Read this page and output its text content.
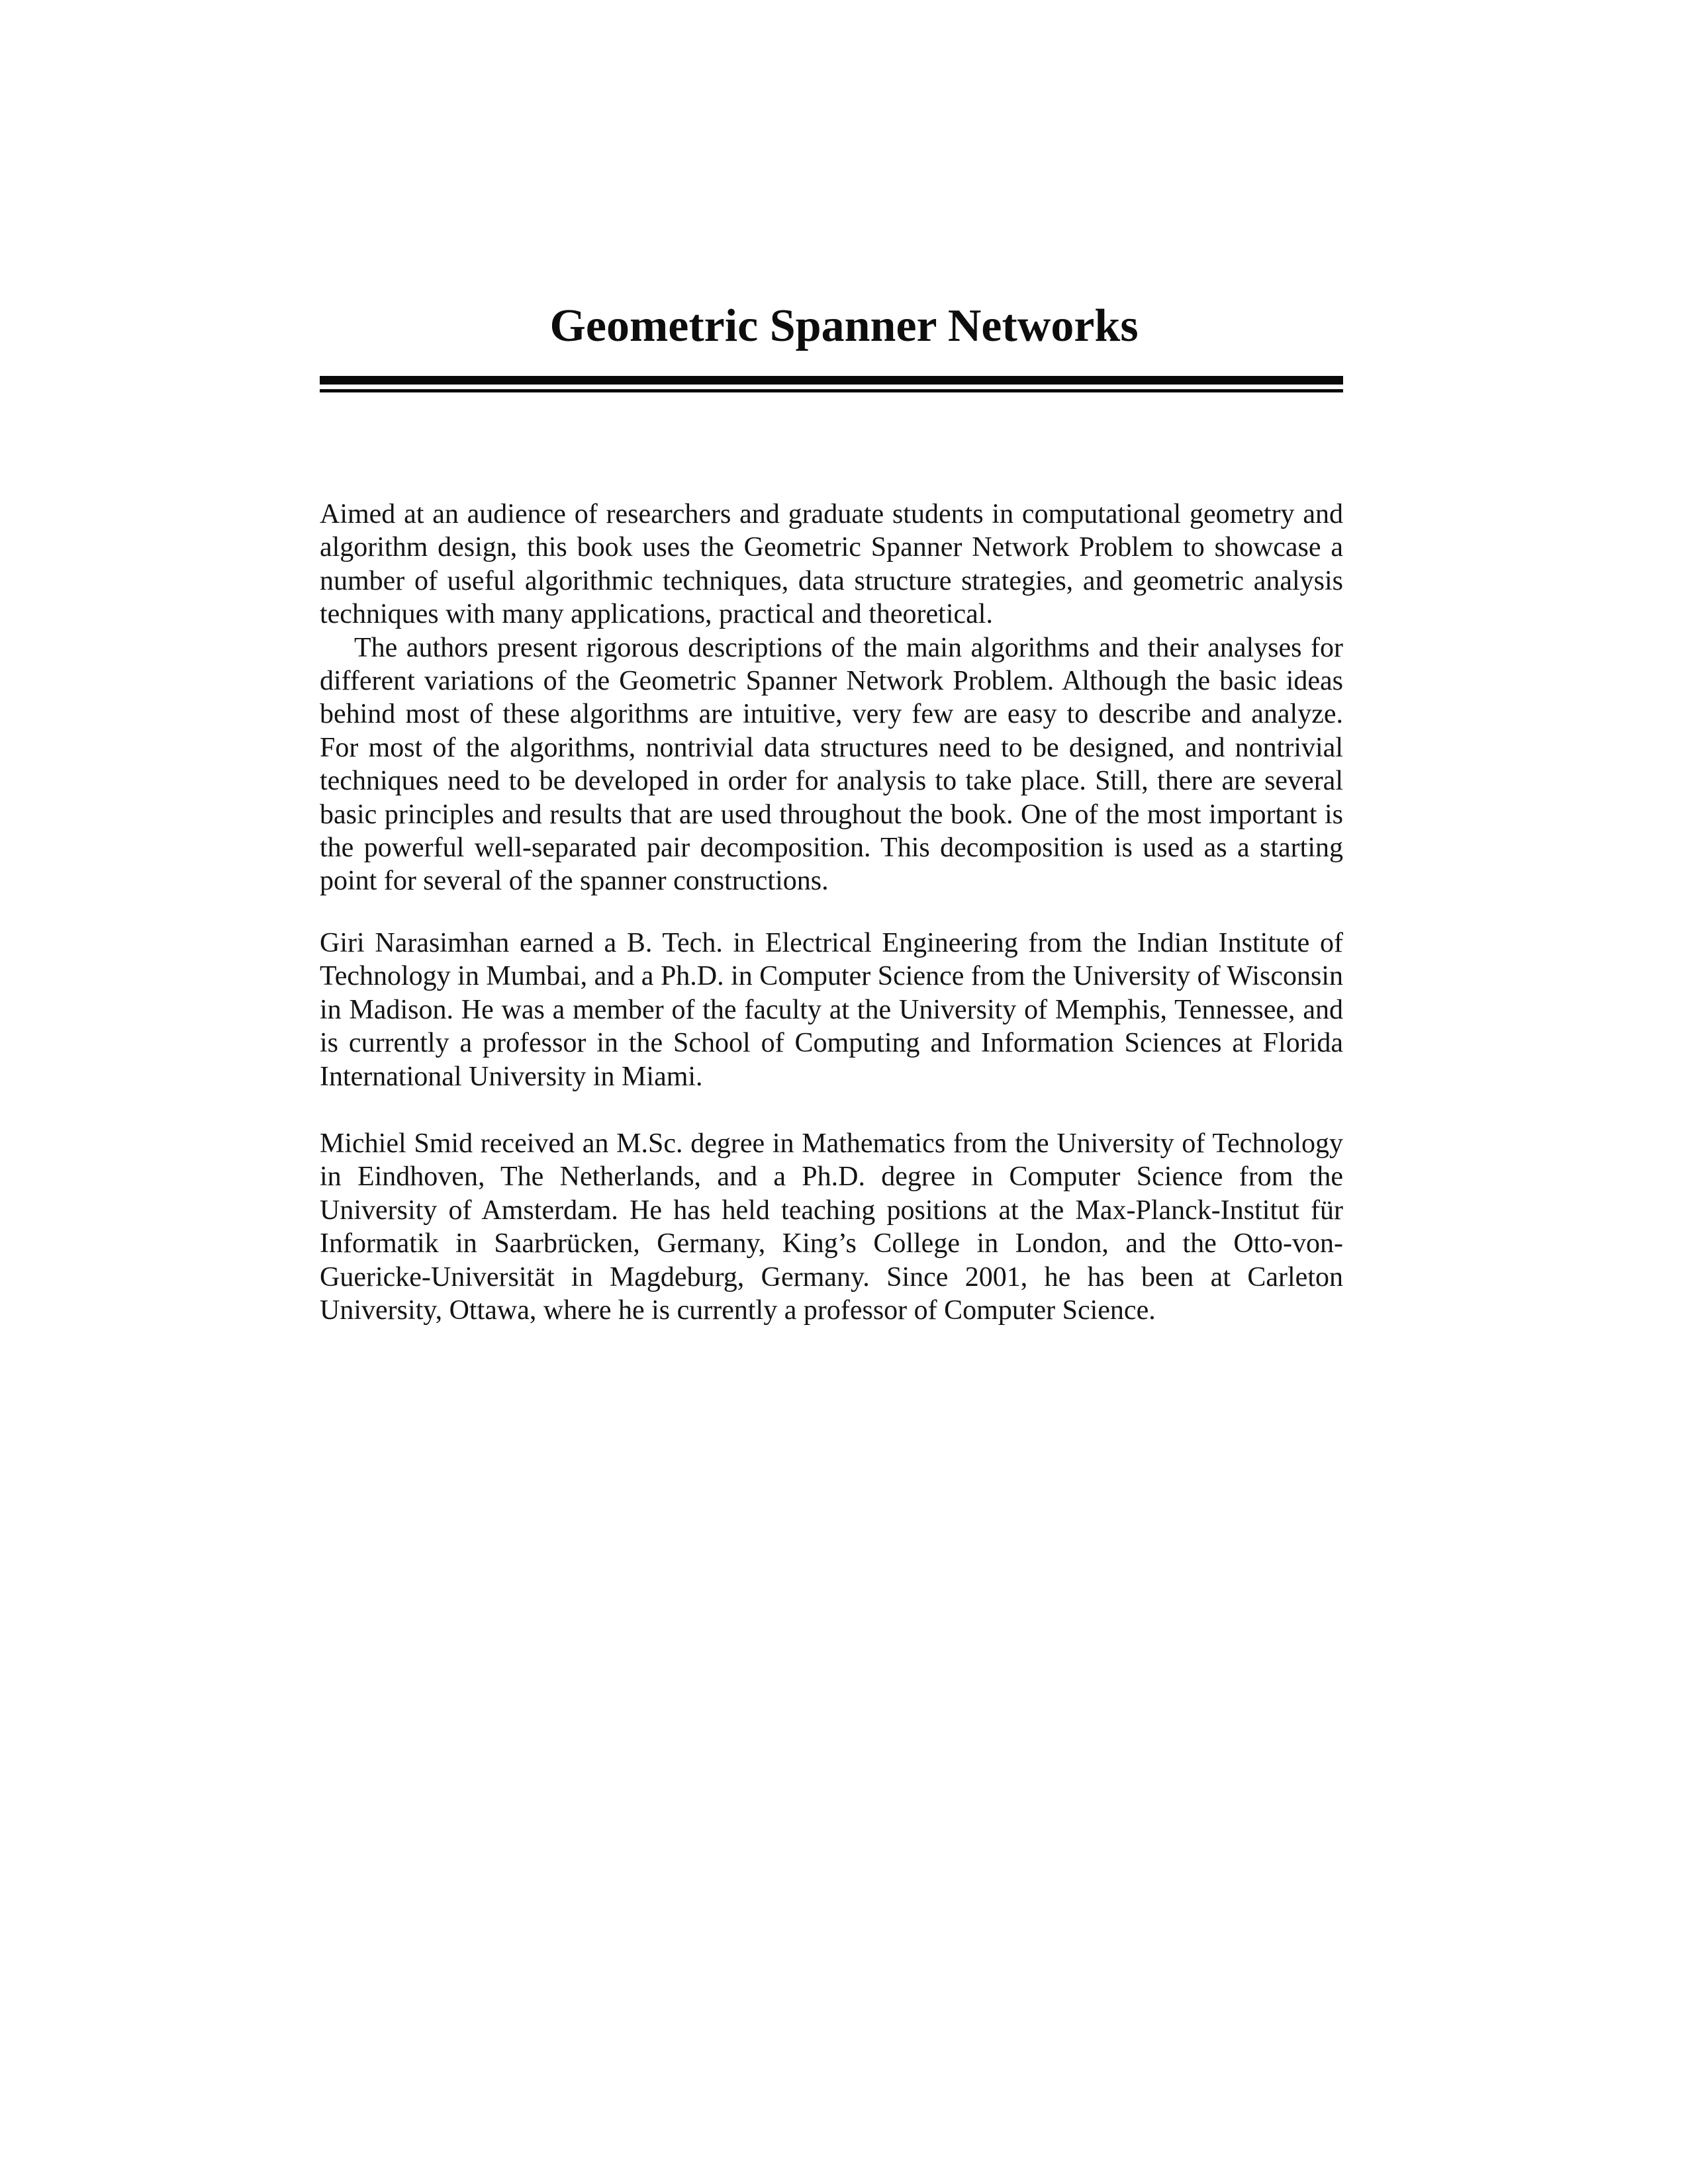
Geometric Spanner Networks

Aimed at an audience of researchers and graduate students in computational geometry and algorithm design, this book uses the Geometric Spanner Network Problem to showcase a number of useful algorithmic techniques, data structure strategies, and geometric analysis techniques with many applications, practical and theoretical.

The authors present rigorous descriptions of the main algorithms and their analyses for different variations of the Geometric Spanner Network Problem. Although the basic ideas behind most of these algorithms are intuitive, very few are easy to describe and analyze. For most of the algorithms, nontrivial data structures need to be designed, and nontrivial techniques need to be developed in order for analysis to take place. Still, there are several basic principles and results that are used throughout the book. One of the most important is the powerful well-separated pair decomposition. This decomposition is used as a starting point for several of the spanner constructions.

Giri Narasimhan earned a B. Tech. in Electrical Engineering from the Indian Institute of Technology in Mumbai, and a Ph.D. in Computer Science from the University of Wisconsin in Madison. He was a member of the faculty at the University of Memphis, Tennessee, and is currently a professor in the School of Computing and Information Sciences at Florida International University in Miami.

Michiel Smid received an M.Sc. degree in Mathematics from the University of Technology in Eindhoven, The Netherlands, and a Ph.D. degree in Computer Science from the University of Amsterdam. He has held teaching positions at the Max-Planck-Institut für Informatik in Saarbrücken, Germany, King’s College in London, and the Otto-von-Guericke-Universität in Magdeburg, Germany. Since 2001, he has been at Carleton University, Ottawa, where he is currently a professor of Computer Science.
